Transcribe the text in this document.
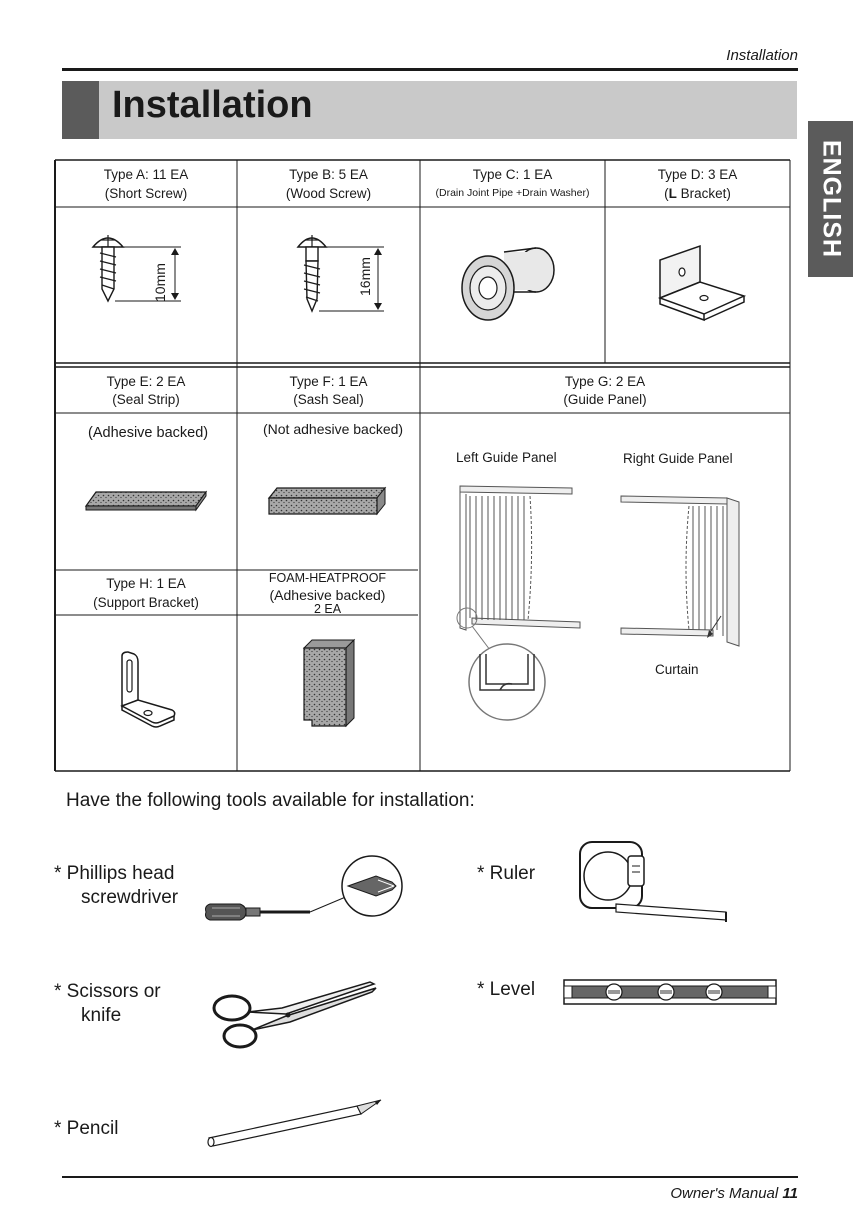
Installation
Installation
ENGLISH
Type A: 11 EA
(Short Screw)
Type B: 5 EA
(Wood Screw)
Type C: 1 EA
(Drain Joint Pipe +Drain Washer)
Type D: 3 EA
(L Bracket)
10mm	16mm
Type E: 2 EA
(Seal Strip)
Type F: 1 EA
(Sash Seal)
Type G: 2 EA
(Guide Panel)
(Adhesive backed)	(Not adhesive backed)
Left Guide Panel	Right Guide Panel
Curtain
Type H: 1 EA
(Support Bracket)
FOAM-HEATPROOF
(Adhesive backed)
2 EA
Have the following tools available for installation:
* Phillips head
screwdriver
* Scissors or
knife
* Pencil
* Ruler
* Level
Owner's Manual 11
